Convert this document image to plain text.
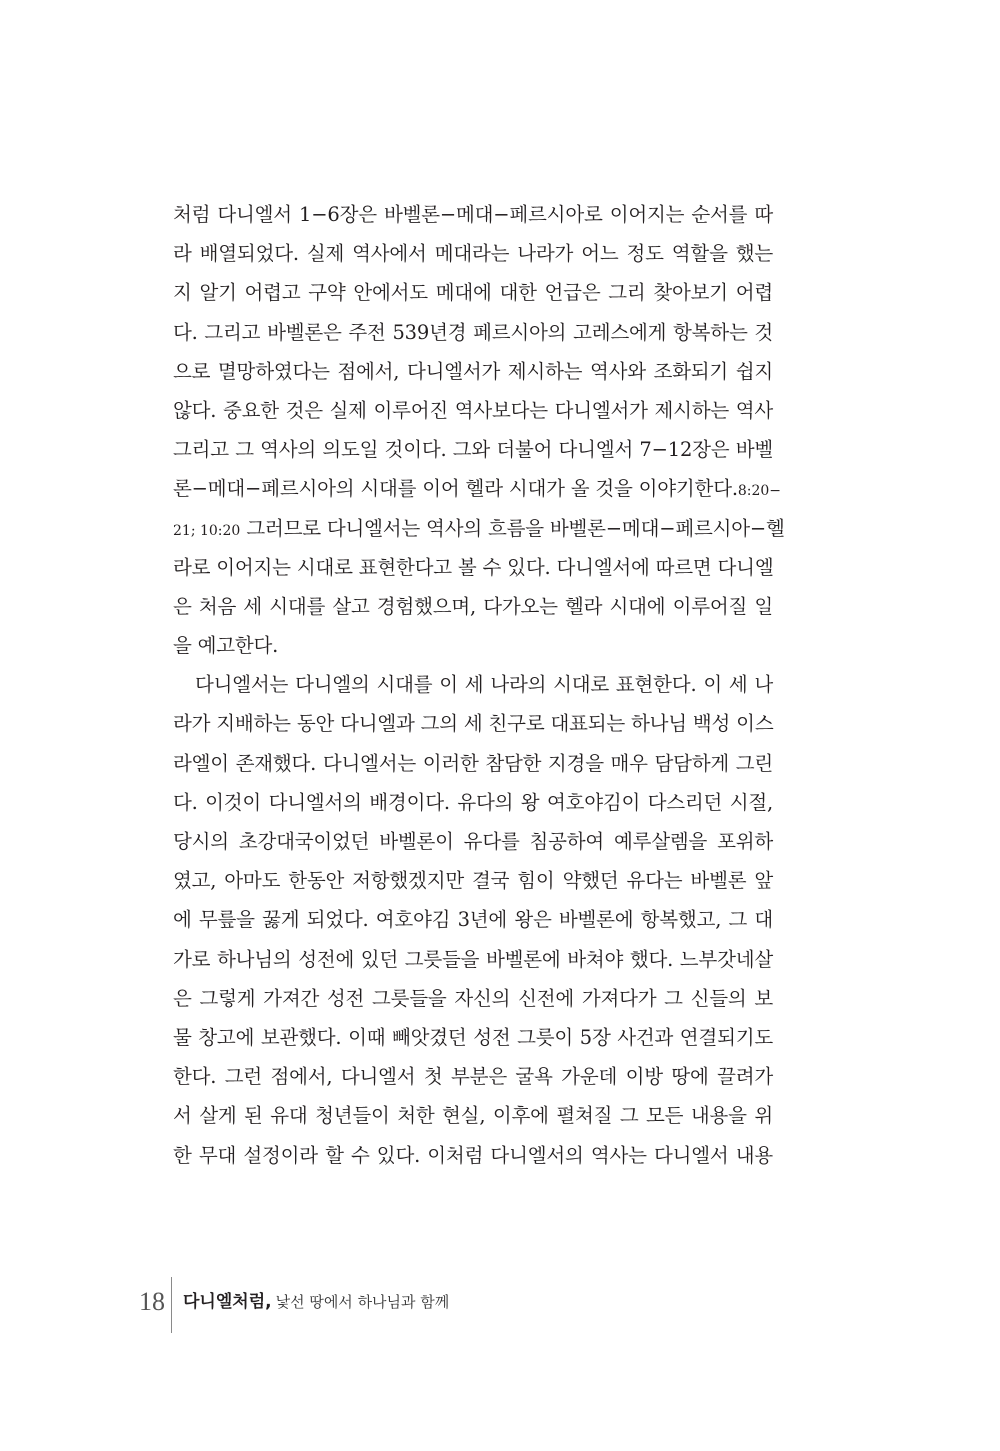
처럼 다니엘서 1−6장은 바벨론−메대−페르시아로 이어지는 순서를 따
라 배열되었다. 실제 역사에서 메대라는 나라가 어느 정도 역할을 했는
지 알기 어렵고 구약 안에서도 메대에 대한 언급은 그리 찾아보기 어렵
다. 그리고 바벨론은 주전 539년경 페르시아의 고레스에게 항복하는 것
으로 멸망하였다는 점에서, 다니엘서가 제시하는 역사와 조화되기 쉽지
않다. 중요한 것은 실제 이루어진 역사보다는 다니엘서가 제시하는 역사
그리고 그 역사의 의도일 것이다. 그와 더불어 다니엘서 7−12장은 바벨
론−메대−페르시아의 시대를 이어 헬라 시대가 올 것을 이야기한다.8:20−
21; 10:20 그러므로 다니엘서는 역사의 흐름을 바벨론−메대−페르시아−헬
라로 이어지는 시대로 표현한다고 볼 수 있다. 다니엘서에 따르면 다니엘
은 처음 세 시대를 살고 경험했으며, 다가오는 헬라 시대에 이루어질 일
을 예고한다.
다니엘서는 다니엘의 시대를 이 세 나라의 시대로 표현한다. 이 세 나
라가 지배하는 동안 다니엘과 그의 세 친구로 대표되는 하나님 백성 이스
라엘이 존재했다. 다니엘서는 이러한 참담한 지경을 매우 담담하게 그린
다. 이것이 다니엘서의 배경이다. 유다의 왕 여호야김이 다스리던 시절,
당시의 초강대국이었던 바벨론이 유다를 침공하여 예루살렘을 포위하
였고, 아마도 한동안 저항했겠지만 결국 힘이 약했던 유다는 바벨론 앞
에 무릎을 꿇게 되었다. 여호야김 3년에 왕은 바벨론에 항복했고, 그 대
가로 하나님의 성전에 있던 그릇들을 바벨론에 바쳐야 했다. 느부갓네살
은 그렇게 가져간 성전 그릇들을 자신의 신전에 가져다가 그 신들의 보
물 창고에 보관했다. 이때 빼앗겼던 성전 그릇이 5장 사건과 연결되기도
한다. 그런 점에서, 다니엘서 첫 부분은 굴욕 가운데 이방 땅에 끌려가
서 살게 된 유대 청년들이 처한 현실, 이후에 펼쳐질 그 모든 내용을 위
한 무대 설정이라 할 수 있다. 이처럼 다니엘서의 역사는 다니엘서 내용
18 다니엘처럼, 낯선 땅에서 하나님과 함께
